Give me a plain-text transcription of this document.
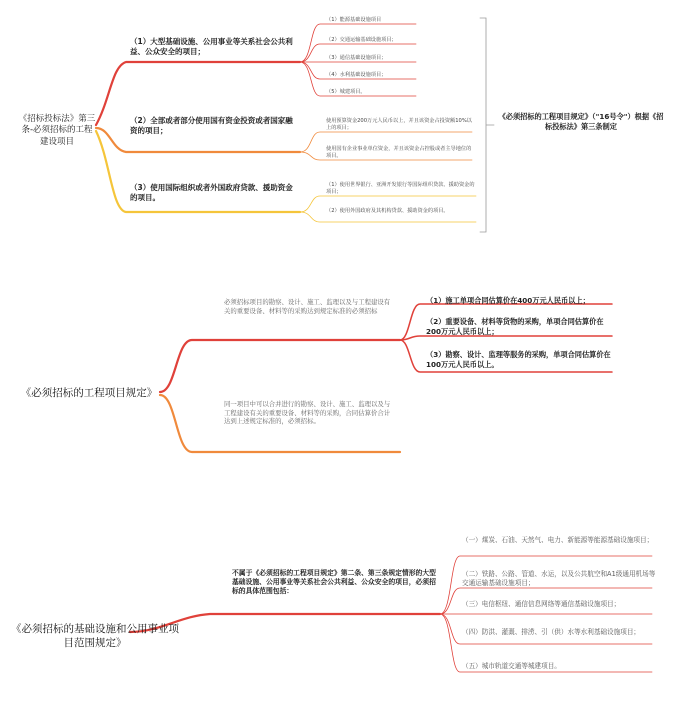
《招标投标法》第三条-必须招标的工程建设项目
（1）大型基础设施、公用事业等关系社会公共利益、公众安全的项目；
（2）全部或者部分使用国有资金投资或者国家融资的项目；
（3）使用国际组织或者外国政府贷款、援助资金的项目。
（1）能源基础设施项目
（2）交通运输基础设施项目；
（3）通信基础设施项目；
（4）水利基础设施项目；
（5）城建项目。
使用预算资金200万元人民币以上，并且该资金占投资额10%以上的项目；
使用国有企业事业单位资金，并且该资金占控股或者主导地位的项目。
（1）使用世界银行、亚洲开发银行等国际组织贷款、援助资金的项目；
（2）使用外国政府及其机构贷款、援助资金的项目。
《必须招标的工程项目规定》（"16号令"）根据《招标投标法》第三条制定
《必须招标的工程项目规定》
必须招标项目的勘察、设计、施工、监理以及与工程建设有关的重要设备、材料等的采购达到规定标准的必须招标
同一项目中可以合并进行的勘察、设计、施工、监理以及与工程建设有关的重要设备、材料等的采购，合同估算价合计达到上述规定标准的，必须招标。
（1）施工单项合同估算价在400万元人民币以上；
（2）重要设备、材料等货物的采购，单项合同估算价在200万元人民币以上；
（3）勘察、设计、监理等服务的采购，单项合同估算价在100万元人民币以上。
《必须招标的基础设施和公用事业项目范围规定》
不属于《必须招标的工程项目规定》第二条、第三条规定情形的大型基础设施、公用事业等关系社会公共利益、公众安全的项目，必须招标的具体范围包括：
（一）煤炭、石油、天然气、电力、新能源等能源基础设施项目；
（二）铁路、公路、管道、水运，以及公共航空和A1级通用机场等交通运输基础设施项目；
（三）电信枢纽、通信信息网络等通信基础设施项目；
（四）防洪、灌溉、排涝、引（供）水等水利基础设施项目；
（五）城市轨道交通等城建项目。
